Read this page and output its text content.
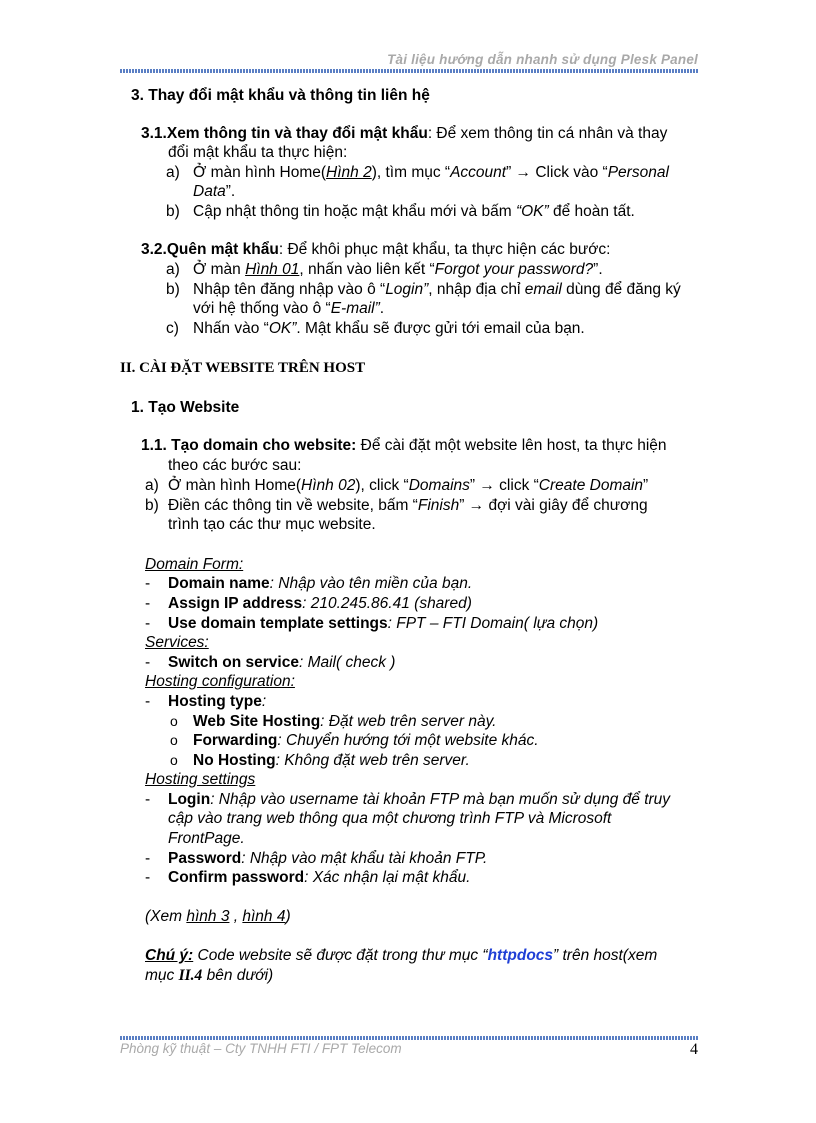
Tài liệu hướng dẫn nhanh sử dụng Plesk Panel
3. Thay đổi mật khẩu và thông tin liên hệ
3.1.Xem thông tin và thay đổi mật khẩu: Để xem thông tin cá nhân và thay
đổi mật khẩu ta thực hiện:
a) Ở màn hình Home(Hình 2), tìm mục “Account” → Click vào “Personal
Data”.
b) Cập nhật thông tin hoặc mật khẩu mới và bấm “OK” để hoàn tất.
3.2.Quên mật khẩu: Để khôi phục mật khẩu, ta thực hiện các bước:
a) Ở màn Hình 01, nhấn vào liên kết “Forgot your password?”.
b) Nhập tên đăng nhập vào ô “Login”, nhập địa chỉ email dùng để đăng ký
với hệ thống vào ô “E-mail”.
c) Nhấn vào “OK”. Mật khẩu sẽ được gửi tới email của bạn.
II. CÀI ĐẶT WEBSITE TRÊN HOST
1. Tạo Website
1.1. Tạo domain cho website: Để cài đặt một website lên host, ta thực hiện
theo các bước sau:
a) Ở màn hình Home(Hình 02), click “Domains” → click “Create Domain”
b) Điền các thông tin về website, bấm “Finish” → đợi vài giây để chương
trình tạo các thư mục website.
Domain Form:
- Domain name: Nhập vào tên miền của bạn.
- Assign IP address: 210.245.86.41 (shared)
- Use domain template settings: FPT – FTI Domain( lựa chọn)
Services:
- Switch on service: Mail( check )
Hosting configuration:
- Hosting type:
o Web Site Hosting: Đặt web trên server này.
o Forwarding: Chuyển hướng tới một website khác.
o No Hosting: Không đặt web trên server.
Hosting settings
- Login: Nhập vào username tài khoản FTP mà bạn muốn sử dụng để truy
cập vào trang web thông qua một chương trình FTP và Microsoft
FrontPage.
- Password: Nhập vào mật khẩu tài khoản FTP.
- Confirm password: Xác nhận lại mật khẩu.
(Xem hình 3 , hình 4)
Chú ý: Code website sẽ được đặt trong thư mục “httpdocs” trên host(xem
mục II.4 bên dưới)
Phòng kỹ thuật – Cty TNHH FTI / FPT Telecom	4
